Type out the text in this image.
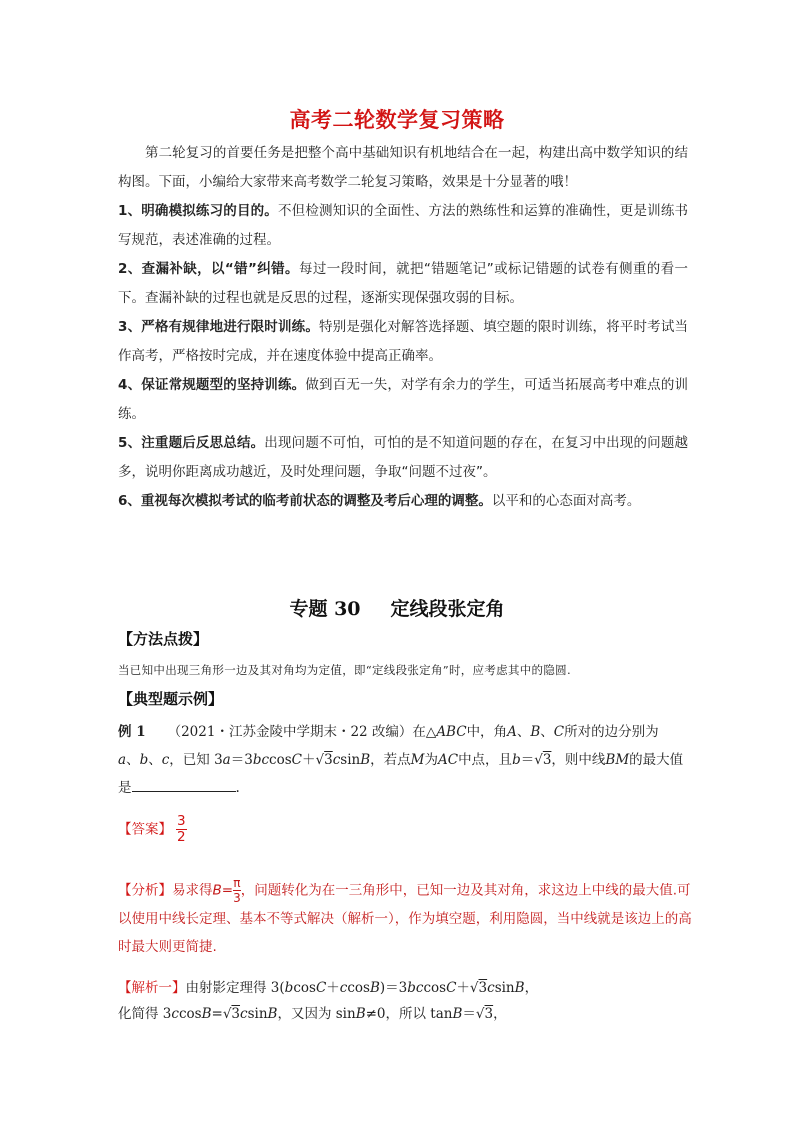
高考二轮数学复习策略
第二轮复习的首要任务是把整个高中基础知识有机地结合在一起，构建出高中数学知识的结构图。下面，小编给大家带来高考数学二轮复习策略，效果是十分显著的哦！
1、明确模拟练习的目的。不但检测知识的全面性、方法的熟练性和运算的准确性，更是训练书写规范，表述准确的过程。
2、查漏补缺，以“错”纠错。每过一段时间，就把“错题笔记”或标记错题的试卷有侧重的看一下。查漏补缺的过程也就是反思的过程，逐渐实现保强攻弱的目标。
3、严格有规律地进行限时训练。特别是强化对解答选择题、填空题的限时训练，将平时考试当作高考，严格按时完成，并在速度体验中提高正确率。
4、保证常规题型的坚持训练。做到百无一失，对学有余力的学生，可适当拓展高考中难点的训练。
5、注重题后反思总结。出现问题不可怕，可怕的是不知道问题的存在，在复习中出现的问题越多，说明你距离成功越近，及时处理问题，争取“问题不过夜”。
6、重视每次模拟考试的临考前状态的调整及考后心理的调整。以平和的心态面对高考。
专题 30 定线段张定角
【方法点拨】
当已知中出现三角形一边及其对角均为定值，即“定线段张定角”时，应考虑其中的隐圆.
【典型题示例】
例 1 （2021・江苏金陵中学期末・22 改编）在△ABC中，角A、B、C所对的边分别为
a、b、c，已知 3a＝3bccosC＋√3csinB，若点M为AC中点，且b＝√3，则中线BM的最大值
是	.
【答案】 $\frac{3}{2}$
【分析】易求得$B= \frac{\pi}{3}$ ，问题转化为在一三角形中，已知一边及其对角，求这边上中线的最大值.可以使用中线长定理、基本不等式解决（解析一），作为填空题，利用隐圆，当中线就是该边上的高时最大则更简捷.
【解析一】由射影定理得 3(bcosC＋ccosB)＝3bccosC＋√3csinB，
化简得 3ccosB=√3csinB，又因为 sinB≠0，所以 tanB＝√3，
